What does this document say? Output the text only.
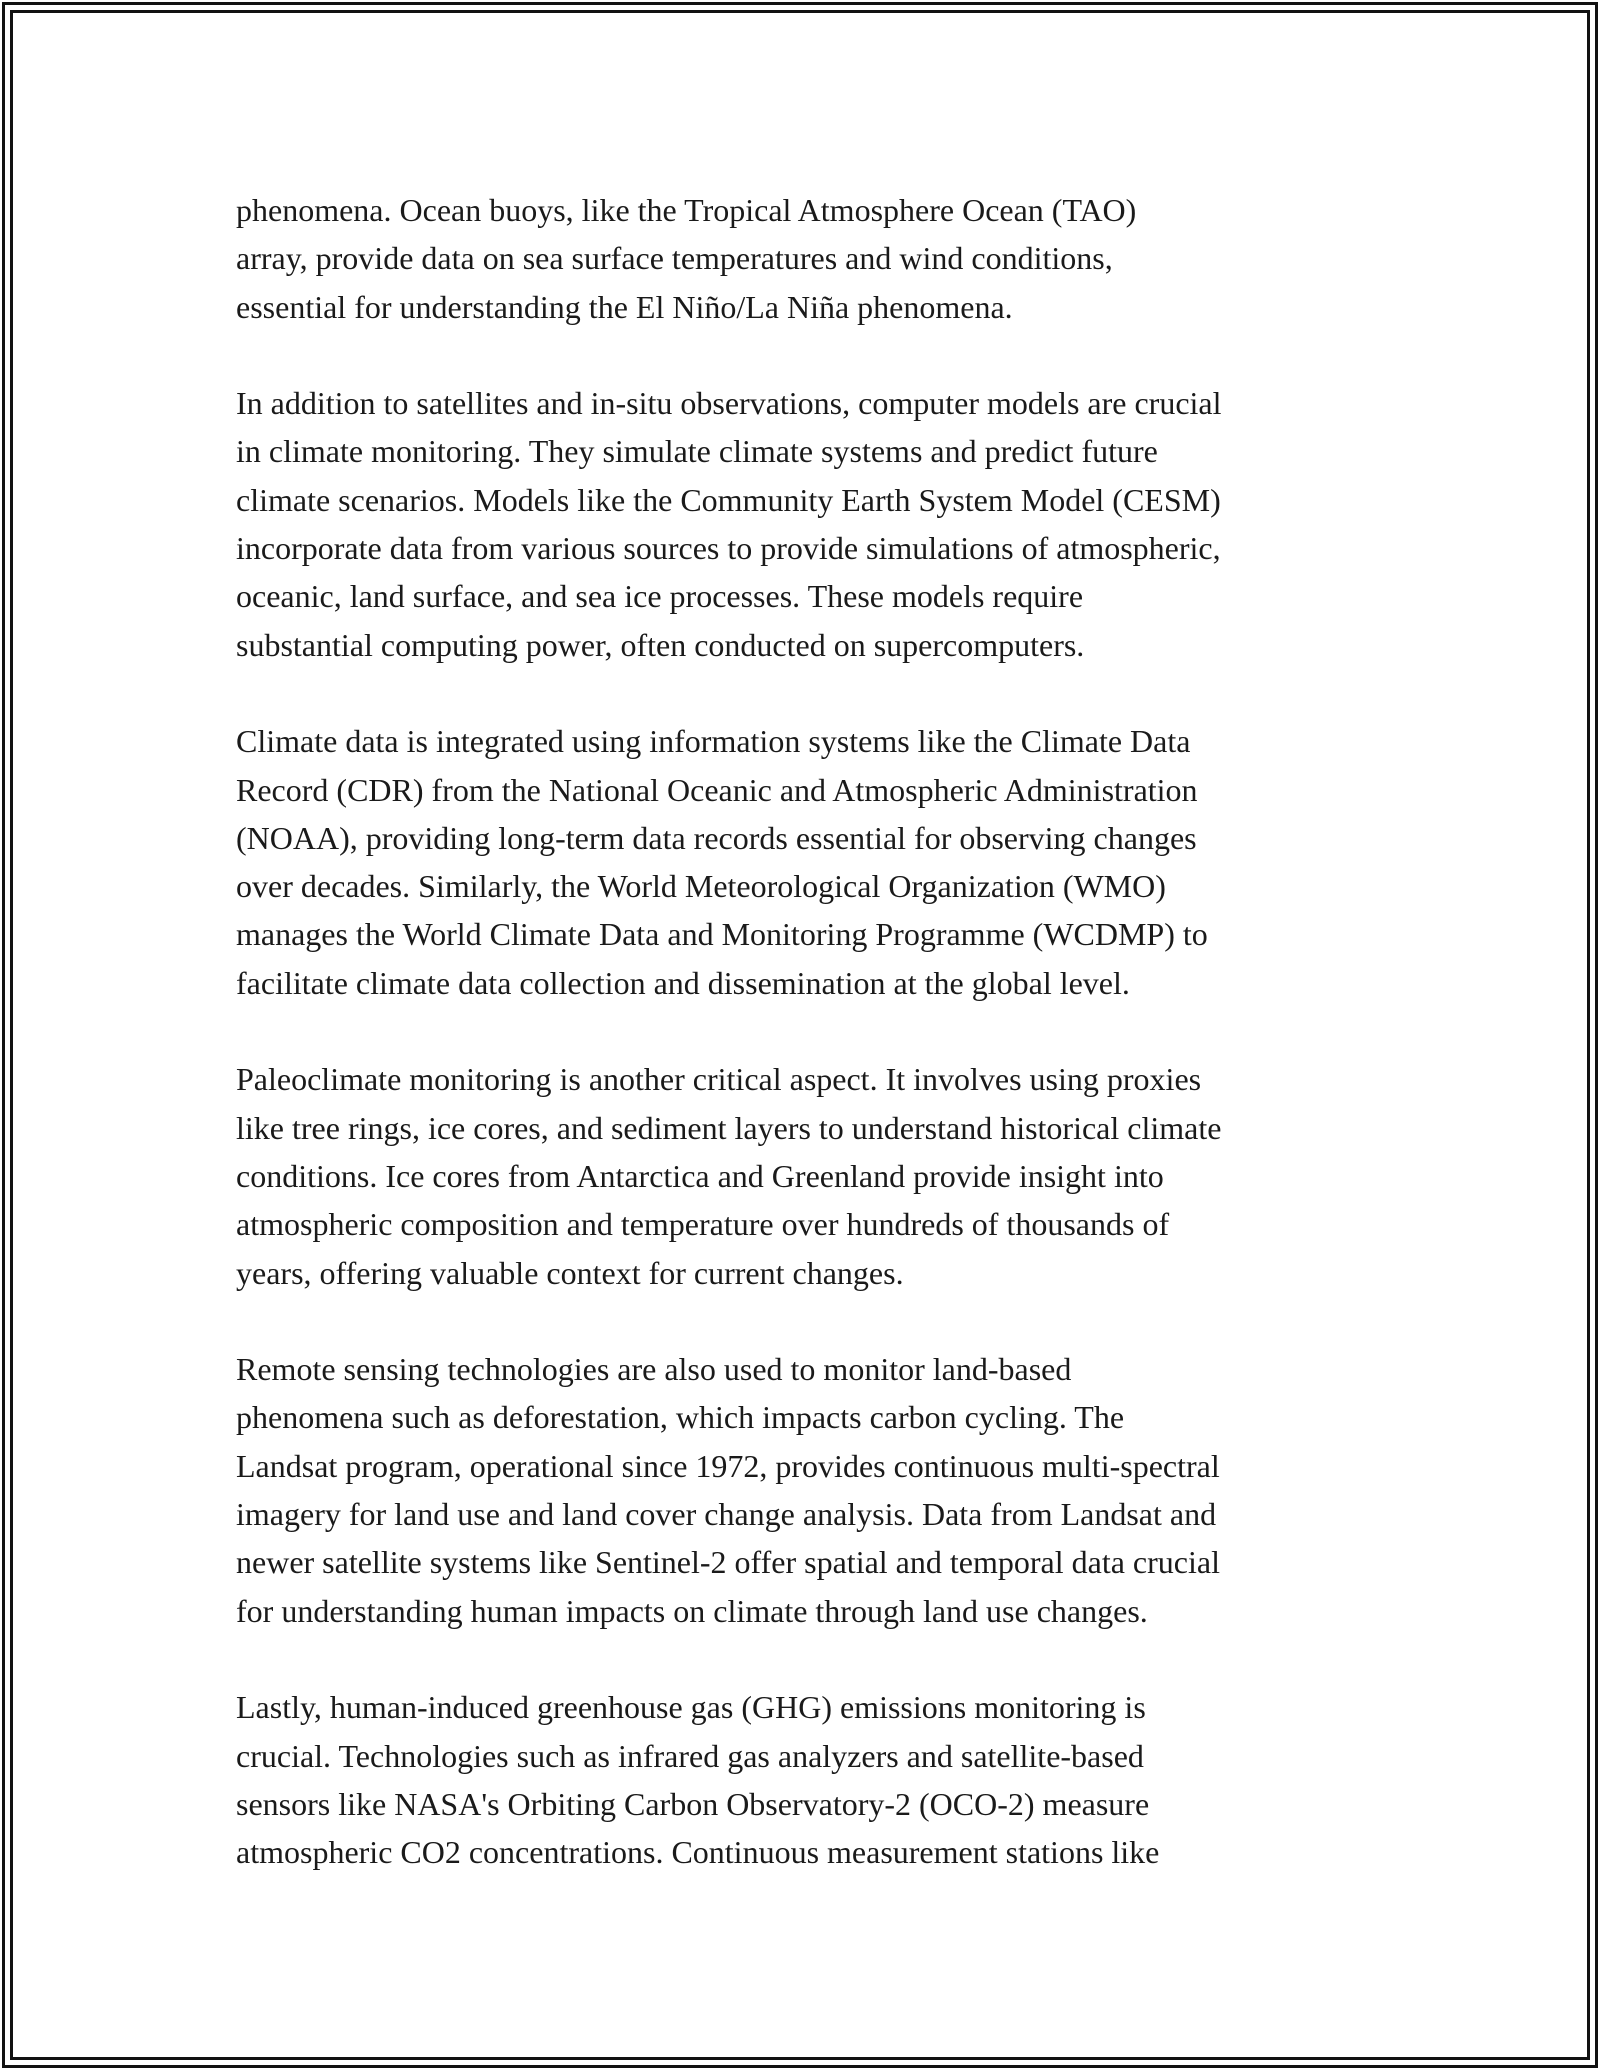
phenomena. Ocean buoys, like the Tropical Atmosphere Ocean (TAO)
array, provide data on sea surface temperatures and wind conditions,
essential for understanding the El Niño/La Niña phenomena.

In addition to satellites and in-situ observations, computer models are crucial
in climate monitoring. They simulate climate systems and predict future
climate scenarios. Models like the Community Earth System Model (CESM)
incorporate data from various sources to provide simulations of atmospheric,
oceanic, land surface, and sea ice processes. These models require
substantial computing power, often conducted on supercomputers.

Climate data is integrated using information systems like the Climate Data
Record (CDR) from the National Oceanic and Atmospheric Administration
(NOAA), providing long-term data records essential for observing changes
over decades. Similarly, the World Meteorological Organization (WMO)
manages the World Climate Data and Monitoring Programme (WCDMP) to
facilitate climate data collection and dissemination at the global level.

Paleoclimate monitoring is another critical aspect. It involves using proxies
like tree rings, ice cores, and sediment layers to understand historical climate
conditions. Ice cores from Antarctica and Greenland provide insight into
atmospheric composition and temperature over hundreds of thousands of
years, offering valuable context for current changes.

Remote sensing technologies are also used to monitor land-based
phenomena such as deforestation, which impacts carbon cycling. The
Landsat program, operational since 1972, provides continuous multi-spectral
imagery for land use and land cover change analysis. Data from Landsat and
newer satellite systems like Sentinel-2 offer spatial and temporal data crucial
for understanding human impacts on climate through land use changes.

Lastly, human-induced greenhouse gas (GHG) emissions monitoring is
crucial. Technologies such as infrared gas analyzers and satellite-based
sensors like NASA's Orbiting Carbon Observatory-2 (OCO-2) measure
atmospheric CO2 concentrations. Continuous measurement stations like
